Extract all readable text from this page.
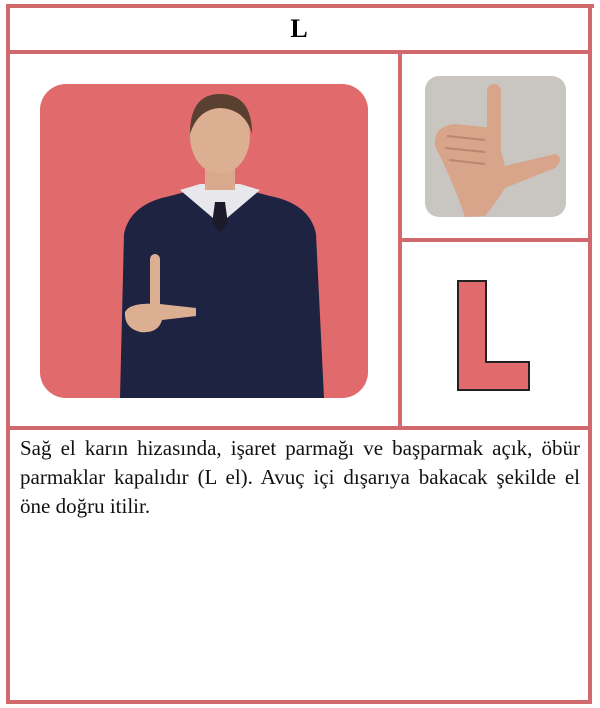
L
Sağ el karın hizasında, işaret parmağı ve başparmak açık, öbür parmaklar kapalıdır (L el). Avuç içi dışarıya bakacak şekilde el öne doğru itilir.
